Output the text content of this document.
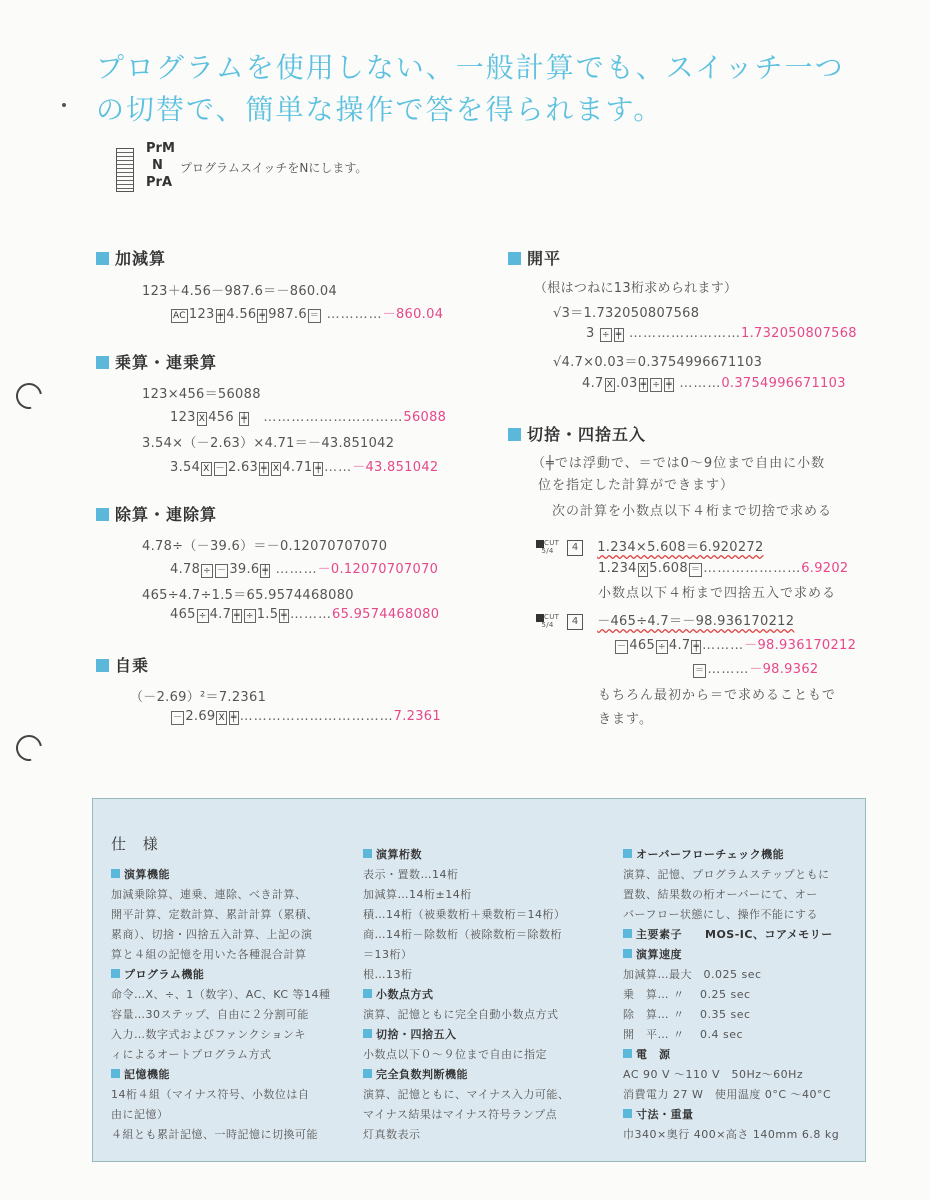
プログラムを使用しない、一般計算でも、スイッチ一つ
の切替で、簡単な操作で答を得られます。
PrM
N
PrA
プログラムスイッチをNにします。
加減算
123＋4.56－987.6＝－860.04
AC 123 ╪ 4.56 ╪ 987.6 ＝ …………－860.04
乗算・連乗算
123×456＝56088
123 X 456 ╪　 …………………………56088
3.54×（－2.63）×4.71＝－43.851042
3.54 X － 2.63 ╪ X 4.71 ╪ ……－43.851042
除算・連除算
4.78÷（－39.6）＝－0.12070707070
4.78 ÷ － 39.6 ╪ ………－0.12070707070
465÷4.7÷1.5＝65.9574468080
465 ÷ 4.7 ╪ ÷ 1.5 ╪ ………65.9574468080
自乗
（－2.69）²＝7.2361
－ 2.69 X ╪ ……………………………7.2361
開平
（根はつねに13桁求められます）
√3＝1.732050807568
3 ÷ ╪ ……………………1.732050807568
√4.7×0.03＝0.3754996671103
4.7 X .03 ╪ ÷ ╪ ………0.3754996671103
切捨・四捨五入
（╪では浮動で、＝では0～9位まで自由に小数
位を指定した計算ができます）
次の計算を小数点以下４桁まで切捨で求める
CUT
5/4 4 1.234×5.608＝6.920272
1.234 X 5.608 ＝ …………………6.9202
小数点以下４桁まで四捨五入で求める
CUT
5/4 4 －465÷4.7＝－98.936170212
－ 465 ÷ 4.7 ╪ ………－98.936170212
＝ ………－98.9362
もちろん最初から＝で求めることもで
きます。
仕 様
演算機能
加減乗除算、連乗、連除、べき計算、
開平計算、定数計算、累計計算（累積、
累商）、切捨・四捨五入計算、上記の演
算と４組の記憶を用いた各種混合計算
プログラム機能
命令…X、÷、1（数字）、AC、KC 等14種
容量…30ステップ、自由に２分割可能
入力…数字式およびファンクションキ
ィによるオートプログラム方式
記憶機能
14桁４組（マイナス符号、小数位は自
由に記憶）
４組とも累計記憶、一時記憶に切換可能
演算桁数
表示・置数…14桁
加減算…14桁±14桁
積…14桁（被乗数桁＋乗数桁＝14桁）
商…14桁－除数桁（被除数桁＝除数桁
＝13桁）
根…13桁
小数点方式
演算、記憶ともに完全自動小数点方式
切捨・四捨五入
小数点以下０～９位まで自由に指定
完全負数判断機能
演算、記憶ともに、マイナス入力可能、
マイナス結果はマイナス符号ランプ点
灯真数表示
オーバーフローチェック機能
演算、記憶、プログラムステップともに
置数、結果数の桁オーバーにて、オー
バーフロー状態にし、操作不能にする
主要素子　　MOS-IC、コアメモリー
演算速度
加減算…最大　0.025 sec
乗　算… 〃　 0.25 sec
除　算… 〃　 0.35 sec
開　平… 〃　 0.4 sec
電　源
AC 90 V ～110 V　50Hz～60Hz
消費電力 27 W　使用温度 0°C ～40°C
寸法・重量
巾340×奥行 400×高さ 140mm 6.8 kg
